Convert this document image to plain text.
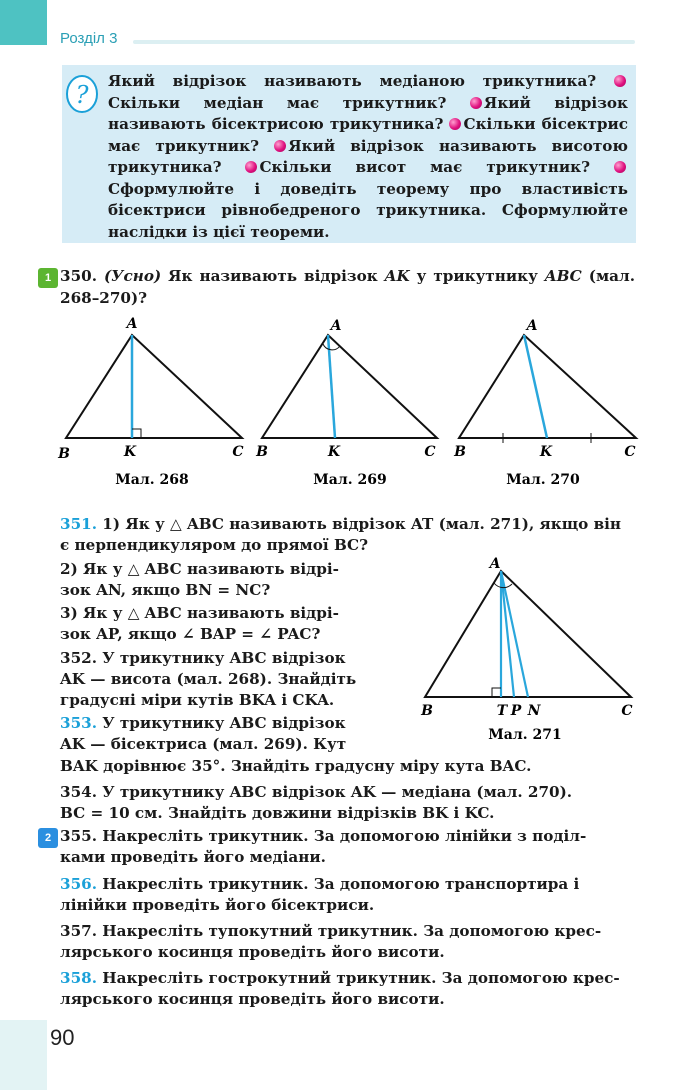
Розділ 3
? Який відрізок називають медіаною трикутника? Скільки медіан має трикутник? Який відрізок називають бісектрисою трикутника? Скільки бісектрис має трикутник? Який відрізок називають висотою трикутника? Скільки висот має трикутник? Сформулюйте і доведіть теорему про властивість бісектриси рівнобедреного трикутника. Сформулюйте наслідки із цієї теореми.
1 350. (Усно) Як називають відрізок AK у трикутнику ABC (мал. 268–270)?
A
B	C
K
Мал. 268
A
B	C
K
Мал. 269
A
B	C
K
Мал. 270
351. 1) Як у △ ABC називають відрізок AT (мал. 271), якщо він
є перпендикуляром до прямої BC?
2) Як у △ ABC називають відрі-
зок AN, якщо BN = NC?
3) Як у △ ABC називають відрі-
зок AP, якщо ∠ BAP = ∠ PAC?
352. У трикутнику ABC відрізок
AK — висота (мал. 268). Знайдіть
градусні міри кутів BKA і CKA.
353. У трикутнику ABC відрізок
AK — бісектриса (мал. 269). Кут
BAK дорівнює 35°. Знайдіть градусну міру кута BAC.
A
B	C
T P N
Мал. 271
354. У трикутнику ABC відрізок AK — медіана (мал. 270).
BC = 10 см. Знайдіть довжини відрізків BK і KC.
2 355. Накресліть трикутник. За допомогою лінійки з поділ-
ками проведіть його медіани.
356. Накресліть трикутник. За допомогою транспортира і
лінійки проведіть його бісектриси.
357. Накресліть тупокутний трикутник. За допомогою крес-
лярського косинця проведіть його висоти.
358. Накресліть гострокутний трикутник. За допомогою крес-
лярського косинця проведіть його висоти.
90
